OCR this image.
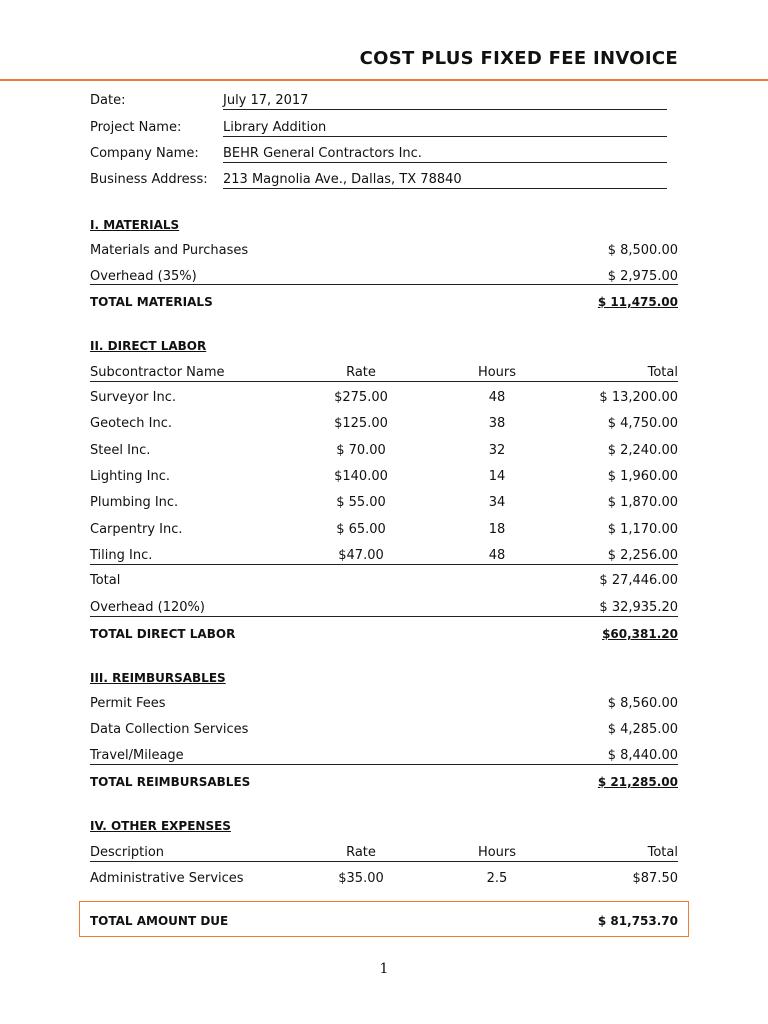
COST PLUS FIXED FEE INVOICE
Date:	July 17, 2017
Project Name:	Library Addition
Company Name: BEHR General Contractors Inc.
Business Address: 213 Magnolia Ave., Dallas, TX 78840
I. MATERIALS
Materials and Purchases	$ 8,500.00
Overhead (35%)	$ 2,975.00
TOTAL MATERIALS	$ 11,475.00
II. DIRECT LABOR
Subcontractor Name	Rate	Hours	Total
Surveyor Inc.	$275.00	48	$ 13,200.00
Geotech Inc.	$125.00	38	$ 4,750.00
Steel Inc.	$ 70.00	32	$ 2,240.00
Lighting Inc.	$140.00	14	$ 1,960.00
Plumbing Inc.	$ 55.00	34	$ 1,870.00
Carpentry Inc.	$ 65.00	18	$ 1,170.00
Tiling Inc.	$47.00	48	$ 2,256.00
Total	$ 27,446.00
Overhead (120%)	$ 32,935.20
TOTAL DIRECT LABOR	$60,381.20
III. REIMBURSABLES
Permit Fees	$ 8,560.00
Data Collection Services	$ 4,285.00
Travel/Mileage	$ 8,440.00
TOTAL REIMBURSABLES	$ 21,285.00
IV. OTHER EXPENSES
Description	Rate	Hours	Total
Administrative Services	$35.00	2.5	$87.50
TOTAL AMOUNT DUE	$ 81,753.70
1
